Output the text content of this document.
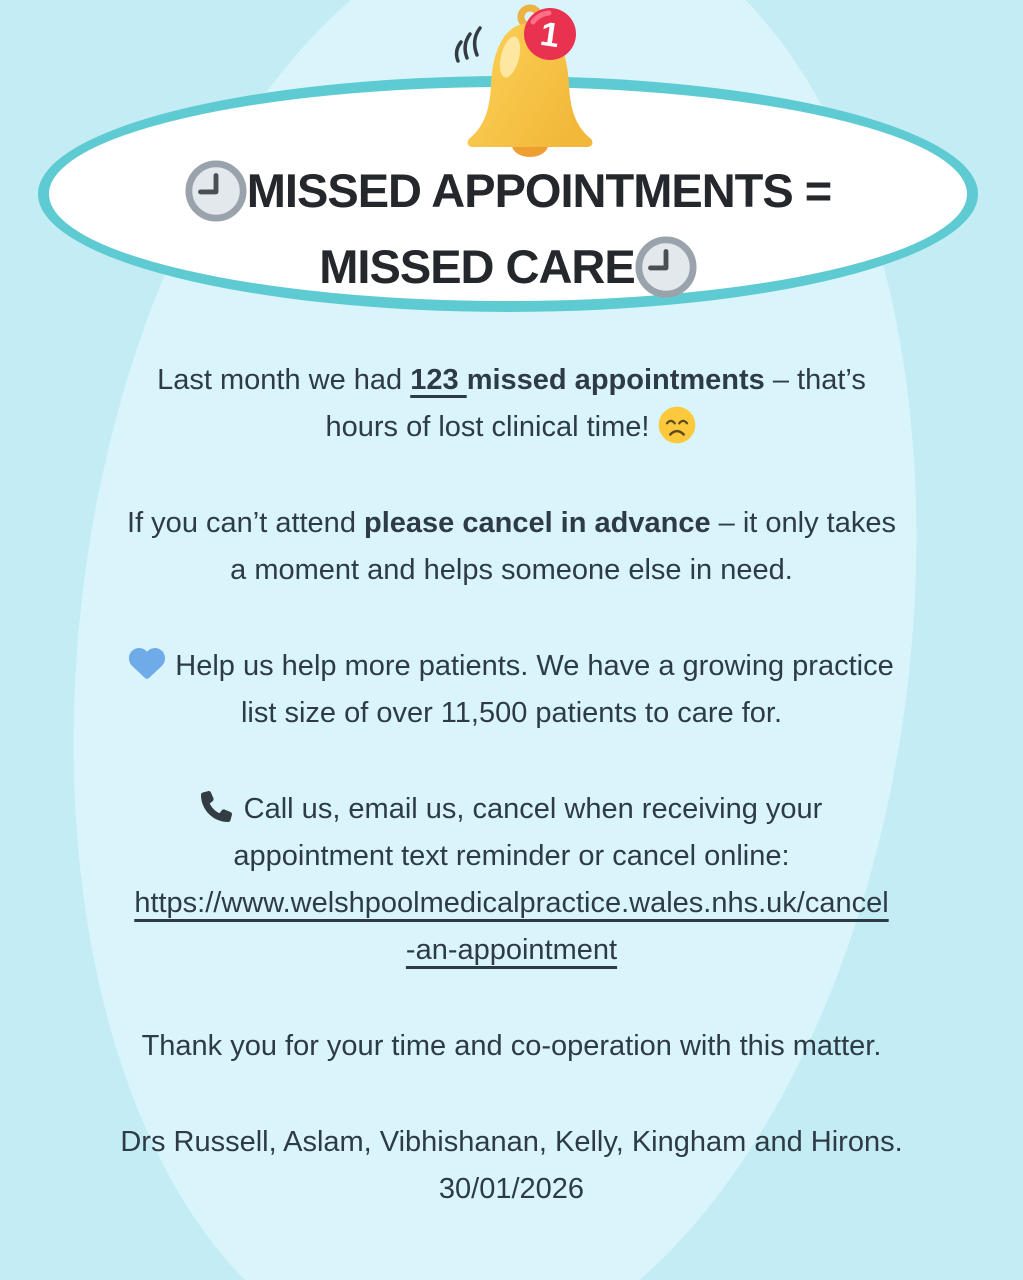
1
MISSED APPOINTMENTS =
MISSED CARE

Last month we had 123 missed appointments – that’s
hours of lost clinical time!

If you can’t attend please cancel in advance – it only takes
a moment and helps someone else in need.

Help us help more patients. We have a growing practice
list size of over 11,500 patients to care for.

Call us, email us, cancel when receiving your
appointment text reminder or cancel online:
https://www.welshpoolmedicalpractice.wales.nhs.uk/cancel
-an-appointment

Thank you for your time and co-operation with this matter.

Drs Russell, Aslam, Vibhishanan, Kelly, Kingham and Hirons.
30/01/2026
